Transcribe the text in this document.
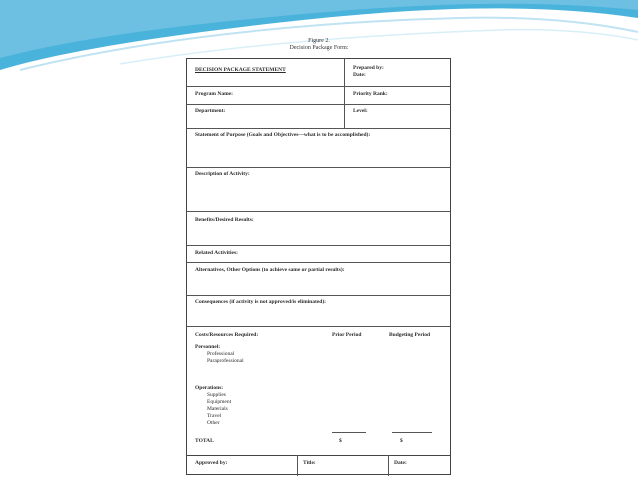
Figure 2.
Decision Package Form:
DECISION PACKAGE STATEMENT	Prepared by:
Date:
Program Name:	Priority Rank:
Department:	Level:
Statement of Purpose (Goals and Objectives—what is to be accomplished):
Description of Activity:
Benefits/Desired Results:
Related Activities:
Alternatives, Other Options (to achieve same or partial results):
Consequences (if activity is not approved/is eliminated):
Costs/Resources Required:	Prior Period	Budgeting Period
Personnel:
Professional
Paraprofessional
Operations:
Supplies
Equipment
Materials
Travel
Other
TOTAL	$	$
Approved by:	Title:	Date:
